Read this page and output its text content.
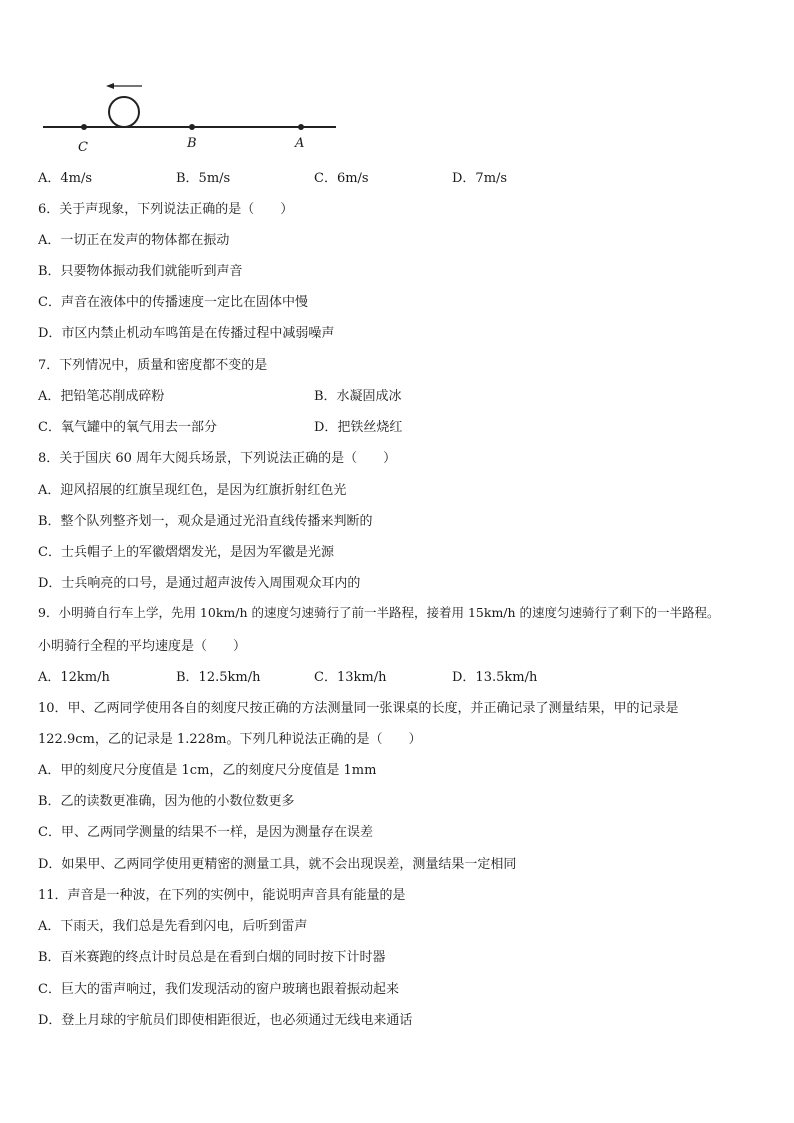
C	B	A
A．4m/s	B．5m/s	C．6m/s	D．7m/s
6．关于声现象，下列说法正确的是（　　）
A．一切正在发声的物体都在振动
B．只要物体振动我们就能听到声音
C．声音在液体中的传播速度一定比在固体中慢
D．市区内禁止机动车鸣笛是在传播过程中减弱噪声
7．下列情况中，质量和密度都不变的是
A．把铅笔芯削成碎粉	B．水凝固成冰
C．氧气罐中的氧气用去一部分	D．把铁丝烧红
8．关于国庆 60 周年大阅兵场景，下列说法正确的是（　　）
A．迎风招展的红旗呈现红色，是因为红旗折射红色光
B．整个队列整齐划一，观众是通过光沿直线传播来判断的
C．士兵帽子上的军徽熠熠发光，是因为军徽是光源
D．士兵响亮的口号，是通过超声波传入周围观众耳内的
9．小明骑自行车上学，先用 10km/h 的速度匀速骑行了前一半路程，接着用 15km/h 的速度匀速骑行了剩下的一半路程。
小明骑行全程的平均速度是（　　）
A．12km/h	B．12.5km/h	C．13km/h	D．13.5km/h
10．甲、乙两同学使用各自的刻度尺按正确的方法测量同一张课桌的长度，并正确记录了测量结果，甲的记录是
122.9cm，乙的记录是 1.228m。下列几种说法正确的是（　　）
A．甲的刻度尺分度值是 1cm，乙的刻度尺分度值是 1mm
B．乙的读数更准确，因为他的小数位数更多
C．甲、乙两同学测量的结果不一样，是因为测量存在误差
D．如果甲、乙两同学使用更精密的测量工具，就不会出现误差，测量结果一定相同
11．声音是一种波，在下列的实例中，能说明声音具有能量的是
A．下雨天，我们总是先看到闪电，后听到雷声
B．百米赛跑的终点计时员总是在看到白烟的同时按下计时器
C．巨大的雷声响过，我们发现活动的窗户玻璃也跟着振动起来
D．登上月球的宇航员们即使相距很近，也必须通过无线电来通话
